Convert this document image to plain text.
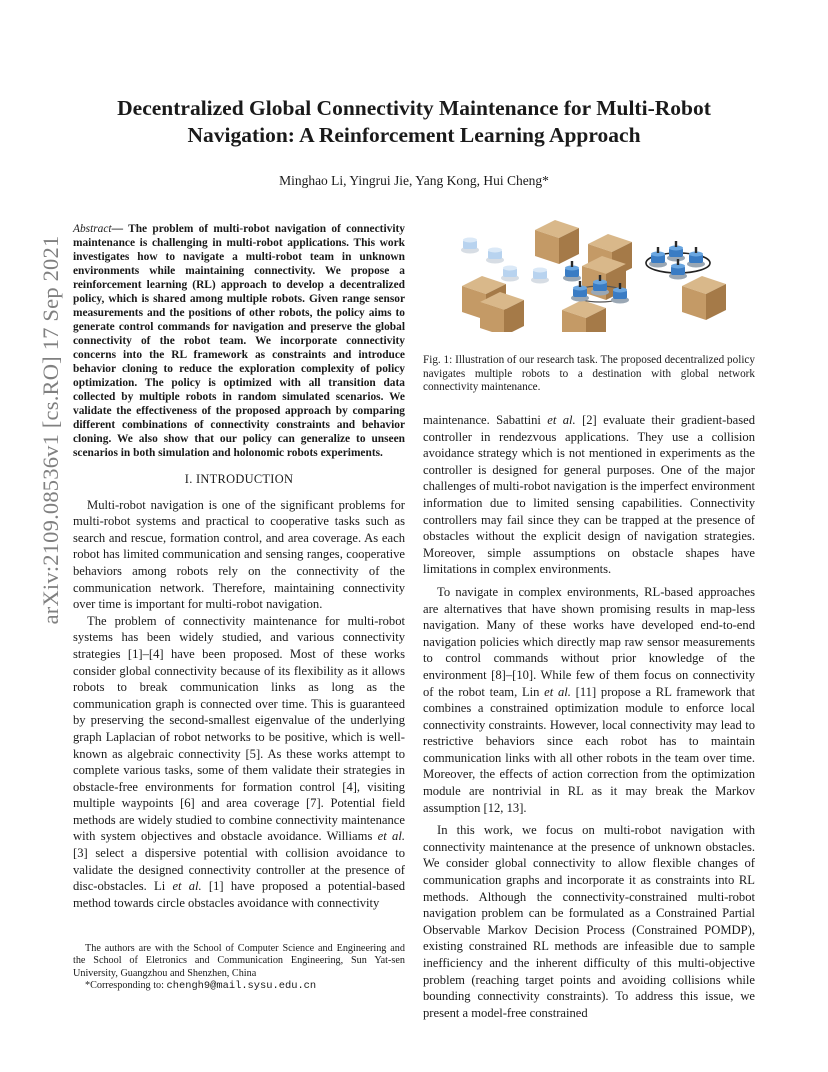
arXiv:2109.08536v1 [cs.RO] 17 Sep 2021
Decentralized Global Connectivity Maintenance for Multi-Robot
Navigation: A Reinforcement Learning Approach
Minghao Li, Yingrui Jie, Yang Kong, Hui Cheng*

Abstract— The problem of multi-robot navigation of connectivity maintenance is challenging in multi-robot applications. This work investigates how to navigate a multi-robot team in unknown environments while maintaining connectivity. We propose a reinforcement learning (RL) approach to develop a decentralized policy, which is shared among multiple robots. Given range sensor measurements and the positions of other robots, the policy aims to generate control commands for navigation and preserve the global connectivity of the robot team. We incorporate connectivity concerns into the RL framework as constraints and introduce behavior cloning to reduce the exploration complexity of policy optimization. The policy is optimized with all transition data collected by multiple robots in random simulated scenarios. We validate the effectiveness of the proposed approach by comparing different combinations of connectivity constraints and behavior cloning. We also show that our policy can generalize to unseen scenarios in both simulation and holonomic robots experiments.

I. INTRODUCTION

Multi-robot navigation is one of the significant problems for multi-robot systems and practical to cooperative tasks such as search and rescue, formation control, and area coverage. As each robot has limited communication and sensing ranges, cooperative behaviors among robots rely on the connectivity of the communication network. Therefore, maintaining connectivity over time is important for multi-robot navigation.

The problem of connectivity maintenance for multi-robot systems has been widely studied, and various connectivity strategies [1]–[4] have been proposed. Most of these works consider global connectivity because of its flexibility as it allows robots to break communication links as long as the communication graph is connected over time. This is guaranteed by preserving the second-smallest eigenvalue of the underlying graph Laplacian of robot networks to be positive, which is well-known as algebraic connectivity [5]. As these works attempt to complete various tasks, some of them validate their strategies in obstacle-free environments for formation control [4], visiting multiple waypoints [6] and area coverage [7]. Potential field methods are widely studied to combine connectivity maintenance with system objectives and obstacle avoidance. Williams et al. [3] select a dispersive potential with collision avoidance to validate the designed connectivity controller at the presence of disc-obstacles. Li et al. [1] have proposed a potential-based method towards circle obstacles avoidance with connectivity

The authors are with the School of Computer Science and Engineering and the School of Eletronics and Communication Engineering, Sun Yat-sen University, Guangzhou and Shenzhen, China

*Corresponding to: chengh9@mail.sysu.edu.cn

Fig. 1: Illustration of our research task. The proposed decentralized policy navigates multiple robots to a destination with global network connectivity maintenance.

maintenance. Sabattini et al. [2] evaluate their gradient-based controller in rendezvous applications. They use a collision avoidance strategy which is not mentioned in experiments as the controller is designed for general purposes. One of the major challenges of multi-robot navigation is the imperfect environment information due to limited sensing capabilities. Connectivity controllers may fail since they can be trapped at the presence of obstacles without the explicit design of navigation strategies. Moreover, simple assumptions on obstacle shapes have limitations in complex environments.

To navigate in complex environments, RL-based approaches are alternatives that have shown promising results in map-less navigation. Many of these works have developed end-to-end navigation policies which directly map raw sensor measurements to control commands without prior knowledge of the environment [8]–[10]. While few of them focus on connectivity of the robot team, Lin et al. [11] propose a RL framework that combines a constrained optimization module to enforce local connectivity constraints. However, local connectivity may lead to restrictive behaviors since each robot has to maintain communication links with all other robots in the team over time. Moreover, the effects of action correction from the optimization module are nontrivial in RL as it may break the Markov assumption [12, 13].

In this work, we focus on multi-robot navigation with connectivity maintenance at the presence of unknown obstacles. We consider global connectivity to allow flexible changes of communication graphs and incorporate it as constraints into RL methods. Although the connectivity-constrained multi-robot navigation problem can be formulated as a Constrained Partial Observable Markov Decision Process (Constrained POMDP), existing constrained RL methods are infeasible due to sample inefficiency and the inherent difficulty of this multi-objective problem (reaching target points and avoiding collisions while bounding connectivity constraints). To address this issue, we present a model-free constrained
